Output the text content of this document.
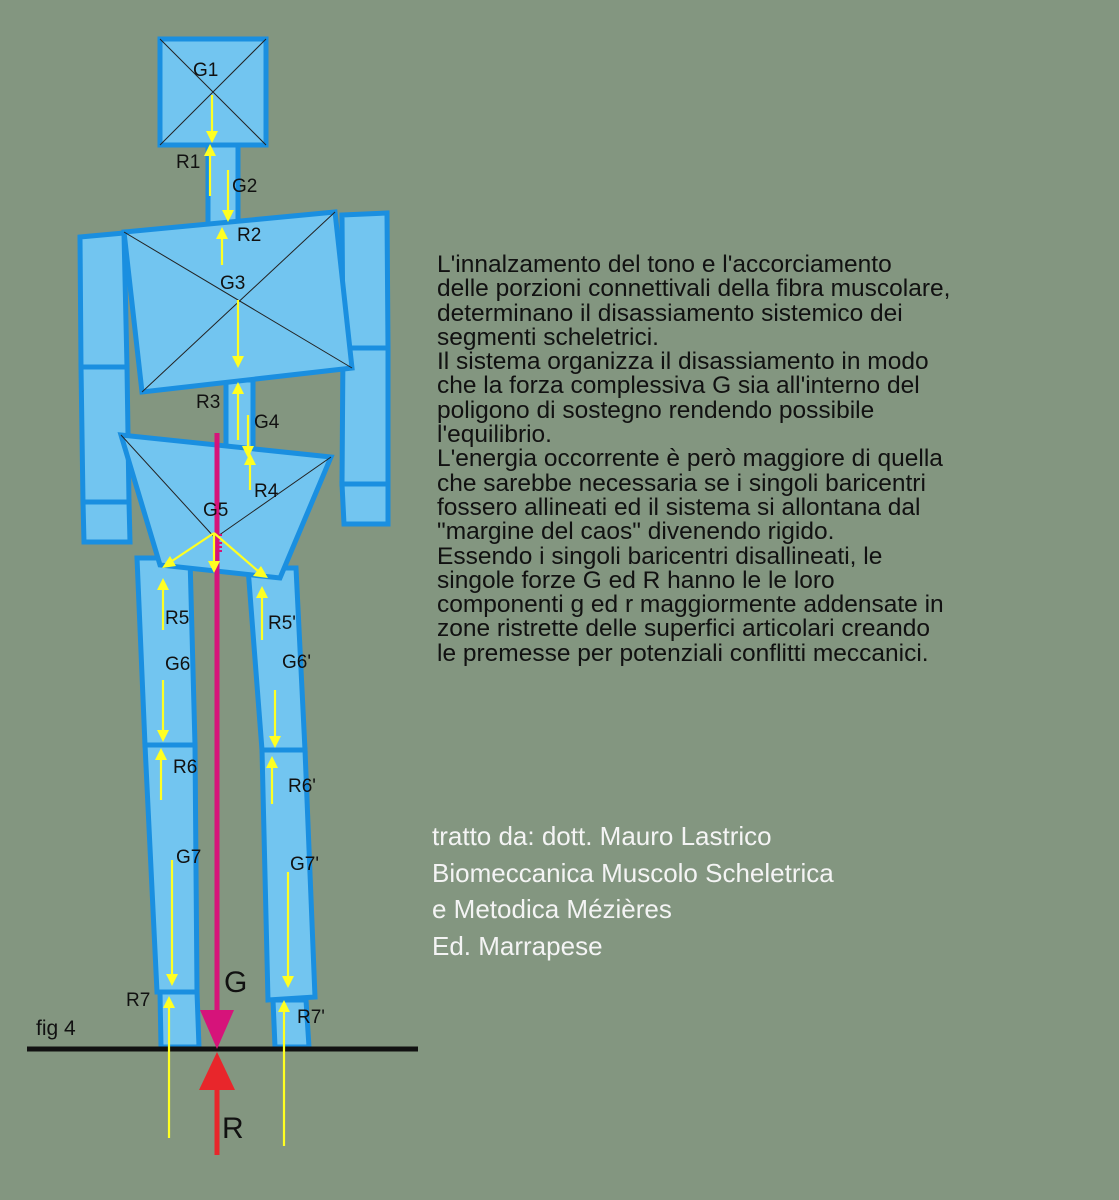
G1
R1
G2
R2
G3
R3
G4
R4
G5
R5
G6
R6
G7
R7
R5'
G6'
R6'
G7'
R7'
G
R
fig 4

L'innalzamento del tono e l'accorciamento

delle porzioni connettivali della fibra muscolare,

determinano il disassiamento sistemico dei

segmenti scheletrici.

Il sistema organizza il disassiamento in modo

che la forza complessiva G sia all'interno del

poligono di sostegno rendendo possibile

l'equilibrio.

L'energia occorrente è però maggiore di quella

che sarebbe necessaria se i singoli baricentri

fossero allineati ed il sistema si allontana dal

"margine del caos" divenendo rigido.

Essendo i singoli baricentri disallineati, le

singole forze G ed R hanno le le loro

componenti g ed r maggiormente addensate in

zone ristrette delle superfici articolari creando

le premesse per potenziali conflitti meccanici.

tratto da: dott. Mauro Lastrico

Biomeccanica Muscolo Scheletrica

e Metodica Mézières

Ed. Marrapese
